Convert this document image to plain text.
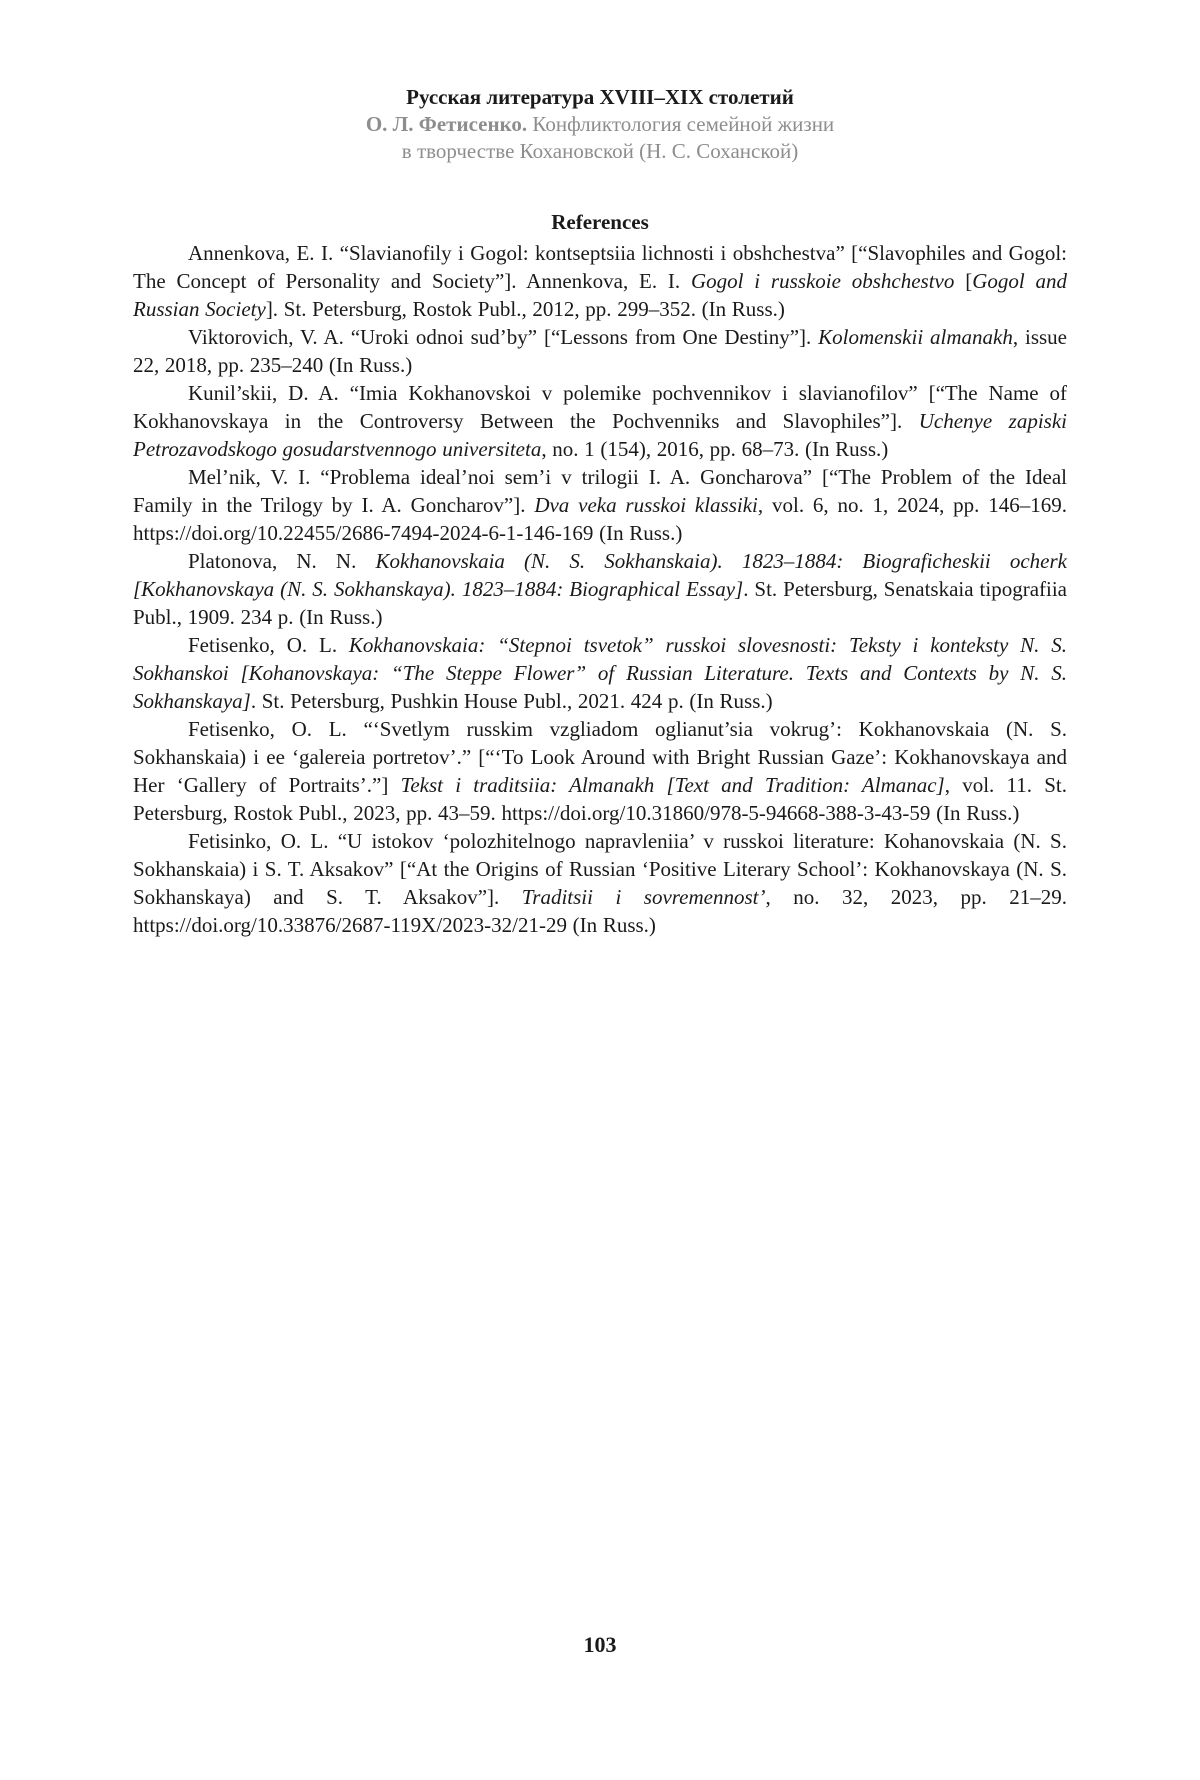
Русская литература XVIII–XIX столетий
О. Л. Фетисенко. Конфликтология семейной жизни
в творчестве Кохановской (Н. С. Соханской)
References

Annenkova, E. I. “Slavianofily i Gogol: kontseptsiia lichnosti i obshchestva” [“Slavophiles and Gogol: The Concept of Personality and Society”]. Annenkova, E. I. Gogol i russkoie obshchestvo [Gogol and Russian Society]. St. Petersburg, Rostok Publ., 2012, pp. 299–352. (In Russ.)

Viktorovich, V. A. “Uroki odnoi sud’by” [“Lessons from One Destiny”]. Kolomenskii almanakh, issue 22, 2018, pp. 235–240 (In Russ.)

Kunil’skii, D. A. “Imia Kokhanovskoi v polemike pochvennikov i slavianofilov” [“The Name of Kokhanovskaya in the Controversy Between the Pochvenniks and Slavophiles”]. Uchenye zapiski Petrozavodskogo gosudarstvennogo universiteta, no. 1 (154), 2016, pp. 68–73. (In Russ.)

Mel’nik, V. I. “Problema ideal’noi sem’i v trilogii I. A. Goncharova” [“The Problem of the Ideal Family in the Trilogy by I. A. Goncharov”]. Dva veka russkoi klassiki, vol. 6, no. 1, 2024, pp. 146–169. https://doi.org/10.22455/2686-7494-2024-6-1-146-169 (In Russ.)

Platonova, N. N. Kokhanovskaia (N. S. Sokhanskaia). 1823–1884: Biograficheskii ocherk [Kokhanovskaya (N. S. Sokhanskaya). 1823–1884: Biographical Essay]. St. Petersburg, Senatskaia tipografiia Publ., 1909. 234 p. (In Russ.)

Fetisenko, O. L. Kokhanovskaia: “Stepnoi tsvetok” russkoi slovesnosti: Teksty i konteksty N. S. Sokhanskoi [Kohanovskaya: “The Steppe Flower” of Russian Literature. Texts and Contexts by N. S. Sokhanskaya]. St. Petersburg, Pushkin House Publ., 2021. 424 p. (In Russ.)

Fetisenko, O. L. “‘Svetlym russkim vzgliadom oglianut’sia vokrug’: Kokhanovskaia (N. S. Sokhanskaia) i ee ‘galereia portretov’.” [“‘To Look Around with Bright Russian Gaze’: Kokhanovskaya and Her ‘Gallery of Portraits’.”] Tekst i traditsiia: Almanakh [Text and Tradition: Almanac], vol. 11. St. Petersburg, Rostok Publ., 2023, pp. 43–59. https://doi.org/10.31860/978-5-94668-388-3-43-59 (In Russ.)

Fetisinko, O. L. “U istokov ‘polozhitelnogo napravleniia’ v russkoi literature: Kohanovskaia (N. S. Sokhanskaia) i S. T. Aksakov” [“At the Origins of Russian ‘Positive Literary School’: Kokhanovskaya (N. S. Sokhanskaya) and S. T. Aksakov”]. Traditsii i sovremennost’, no. 32, 2023, pp. 21–29. https://doi.org/10.33876/2687-119X/2023-32/21-29 (In Russ.)

103
